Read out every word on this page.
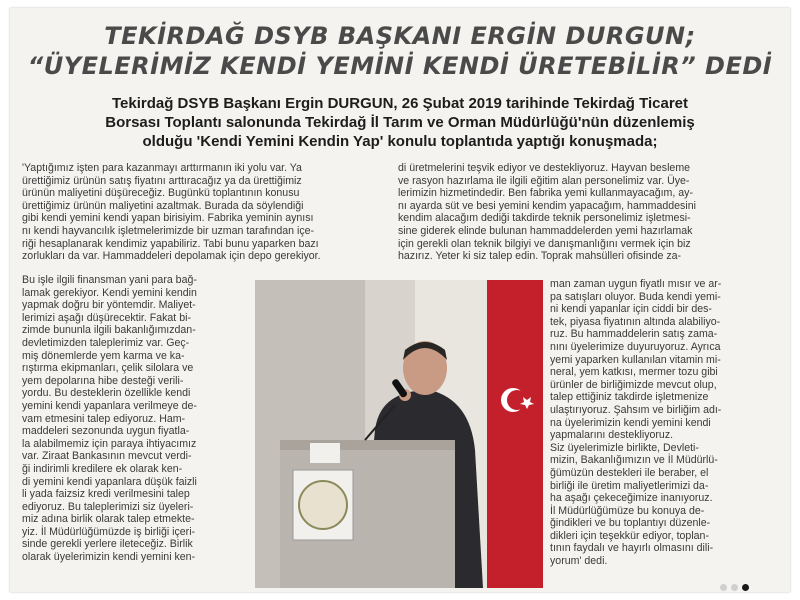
TEKİRDAĞ DSYB BAŞKANI ERGİN DURGUN;
“ÜYELERİMİZ KENDİ YEMİNİ KENDİ ÜRETEBİLİR” DEDİ
Tekirdağ DSYB Başkanı Ergin DURGUN, 26 Şubat 2019 tarihinde Tekirdağ Ticaret
Borsası Toplantı salonunda Tekirdağ İl Tarım ve Orman Müdürlüğü'nün düzenlemiş
olduğu 'Kendi Yemini Kendin Yap' konulu toplantıda yaptığı konuşmada;
'Yaptığımız işten para kazanmayı arttırmanın iki yolu var. Ya
ürettiğimiz ürünün satış fiyatını arttıracağız ya da ürettiğimiz
ürünün maliyetini düşüreceğiz. Bugünkü toplantının konusu
ürettiğimiz ürünün maliyetini azaltmak. Burada da söylendiği
gibi kendi yemini kendi yapan birisiyim. Fabrika yeminin aynısı
nı kendi hayvancılık işletmelerimizde bir uzman tarafından içe-
riği hesaplanarak kendimiz yapabiliriz. Tabi bunu yaparken bazı
zorlukları da var. Hammaddeleri depolamak için depo gerekiyor.
Bu işle ilgili finansman yani para bağ-
lamak gerekiyor. Kendi yemini kendin
yapmak doğru bir yöntemdir. Maliyet-
lerimizi aşağı düşürecektir. Fakat bi-
zimde bununla ilgili bakanlığımızdan-
devletimizden taleplerimiz var. Geç-
miş dönemlerde yem karma ve ka-
rıştırma ekipmanları, çelik silolara ve
yem depolarına hibe desteği verili-
yordu. Bu desteklerin özellikle kendi
yemini kendi yapanlara verilmeye de-
vam etmesini talep ediyoruz. Ham-
maddeleri sezonunda uygun fiyatla-
la alabilmemiz için paraya ihtiyacımız
var. Ziraat Bankasının mevcut verdi-
ği indirimli kredilere ek olarak ken-
di yemini kendi yapanlara düşük faizli
li yada faizsiz kredi verilmesini talep
ediyoruz. Bu taleplerimizi siz üyeleri-
miz adına birlik olarak talep etmekte-
yiz. İl Müdürlüğümüzde iş birliği içeri-
sinde gerekli yerlere ileteceğiz. Birlik
olarak üyelerimizin kendi yemini ken-
di üretmelerini teşvik ediyor ve destekliyoruz. Hayvan besleme
ve rasyon hazırlama ile ilgili eğitim alan personelimiz var. Üye-
lerimizin hizmetindedir. Ben fabrika yemi kullanmayacağım, ay-
nı ayarda süt ve besi yemini kendim yapacağım, hammaddesini
kendim alacağım dediği takdirde teknik personelimiz işletmesi-
sine giderek elinde bulunan hammaddelerden yemi hazırlamak
için gerekli olan teknik bilgiyi ve danışmanlığını vermek için biz
hazırız. Yeter ki siz talep edin. Toprak mahsülleri ofisinde za-
man zaman uygun fiyatlı mısır ve ar-
pa satışları oluyor. Buda kendi yemi-
ni kendi yapanlar için ciddi bir des-
tek, piyasa fiyatının altında alabiliyo-
ruz. Bu hammaddelerin satış zama-
nını üyelerimize duyuruyoruz. Ayrıca
yemi yaparken kullanılan vitamin mi-
neral, yem katkısı, mermer tozu gibi
ürünler de birliğimizde mevcut olup,
talep ettiğiniz takdirde işletmenize
ulaştırıyoruz. Şahsım ve birliğim adı-
na üyelerimizin kendi yemini kendi
yapmalarını destekliyoruz.
Siz üyelerimizle birlikte, Devleti-
mizin, Bakanlığımızın ve İl Müdürlü-
ğümüzün destekleri ile beraber, el
birliği ile üretim maliyetlerimizi da-
ha aşağı çekeceğimize inanıyoruz.
İl Müdürlüğümüze bu konuya de-
ğindikleri ve bu toplantıyı düzenle-
dikleri için teşekkür ediyor, toplan-
tının faydalı ve hayırlı olmasını dili-
yorum' dedi.
